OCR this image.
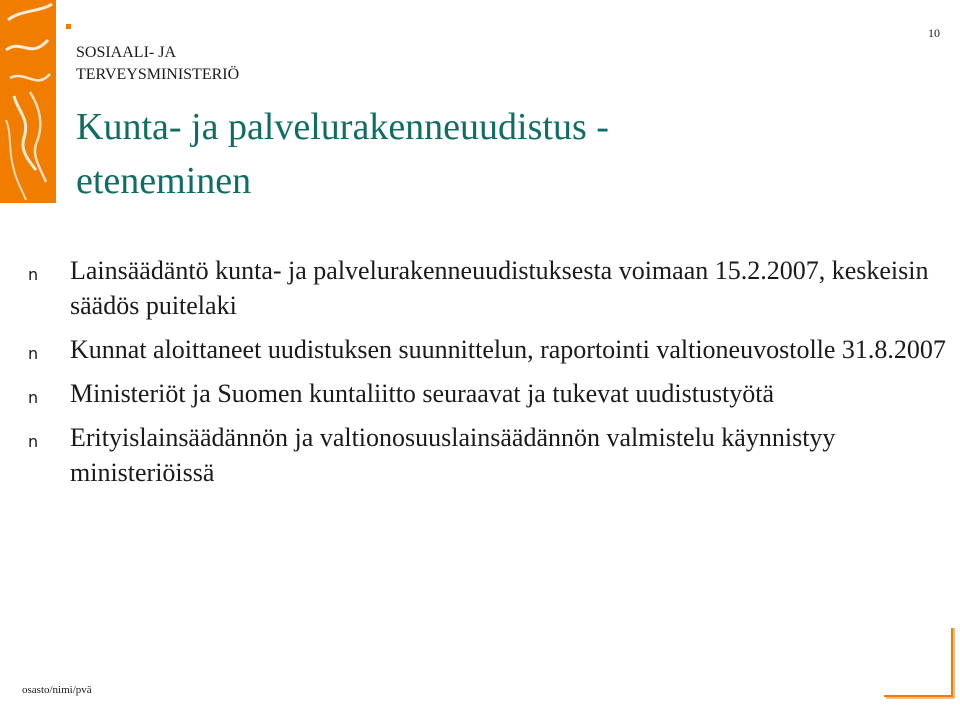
SOSIAALI- JA
TERVEYSMINISTERIÖ
10
Kunta- ja palvelurakenneuudistus -
eteneminen
n Lainsäädäntö kunta- ja palvelurakenneuudistuksesta voimaan 15.2.2007, keskeisin säädös puitelaki
n Kunnat aloittaneet uudistuksen suunnittelun, raportointi valtioneuvostolle 31.8.2007
n Ministeriöt ja Suomen kuntaliitto seuraavat ja tukevat uudistustyötä
n Erityislainsäädännön ja valtionosuuslainsäädännön valmistelu käynnistyy ministeriöissä
osasto/nimi/pvä
